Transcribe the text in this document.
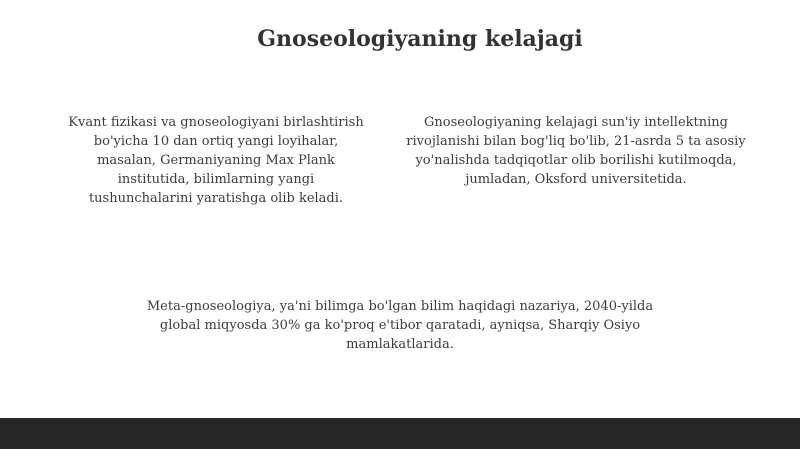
Gnoseologiyaning kelajagi

Kvant fizikasi va gnoseologiyani birlashtirish bo'yicha 10 dan ortiq yangi loyihalar, masalan, Germaniyaning Max Plank institutida, bilimlarning yangi tushunchalarini yaratishga olib keladi.

Gnoseologiyaning kelajagi sun'iy intellektning rivojlanishi bilan bog'liq bo'lib, 21-asrda 5 ta asosiy yo'nalishda tadqiqotlar olib borilishi kutilmoqda, jumladan, Oksford universitetida.

Meta-gnoseologiya, ya'ni bilimga bo'lgan bilim haqidagi nazariya, 2040-yilda global miqyosda 30% ga ko'proq e'tibor qaratadi, ayniqsa, Sharqiy Osiyo mamlakatlarida.
